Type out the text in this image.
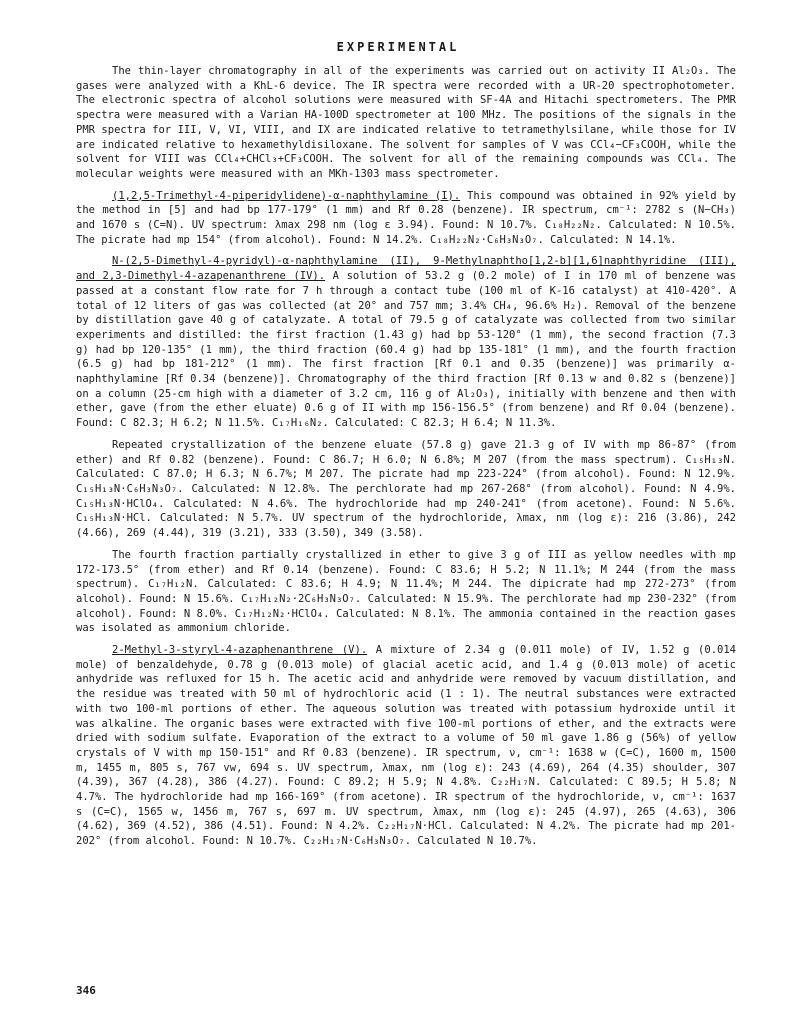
EXPERIMENTAL

The thin-layer chromatography in all of the experiments was carried out on activity II Al₂O₃. The gases were analyzed with a KhL-6 device. The IR spectra were recorded with a UR-20 spectrophotometer. The electronic spectra of alcohol solutions were measured with SF-4A and Hitachi spectrometers. The PMR spectra were measured with a Varian HA-100D spectrometer at 100 MHz. The positions of the signals in the PMR spectra for III, V, VI, VIII, and IX are indicated relative to tetramethylsilane, while those for IV are indicated relative to hexamethyldisiloxane. The solvent for samples of V was CCl₄−CF₃COOH, while the solvent for VIII was CCl₄+CHCl₃+CF₃COOH. The solvent for all of the remaining compounds was CCl₄. The molecular weights were measured with an MKh-1303 mass spectrometer.

(1,2,5-Trimethyl-4-piperidylidene)-α-naphthylamine (I). This compound was obtained in 92% yield by the method in [5] and had bp 177-179° (1 mm) and Rf 0.28 (benzene). IR spectrum, cm⁻¹: 2782 s (N−CH₃) and 1670 s (C=N). UV spectrum: λmax 298 nm (log ε 3.94). Found: N 10.7%. C₁₈H₂₂N₂. Calculated: N 10.5%. The picrate had mp 154° (from alcohol). Found: N 14.2%. C₁₈H₂₂N₂·C₆H₃N₃O₇. Calculated: N 14.1%.

N-(2,5-Dimethyl-4-pyridyl)-α-naphthylamine (II), 9-Methylnaphtho[1,2-b][1,6]naphthyridine (III), and 2,3-Dimethyl-4-azapenanthrene (IV). A solution of 53.2 g (0.2 mole) of I in 170 ml of benzene was passed at a constant flow rate for 7 h through a contact tube (100 ml of K-16 catalyst) at 410-420°. A total of 12 liters of gas was collected (at 20° and 757 mm; 3.4% CH₄, 96.6% H₂). Removal of the benzene by distillation gave 40 g of catalyzate. A total of 79.5 g of catalyzate was collected from two similar experiments and distilled: the first fraction (1.43 g) had bp 53-120° (1 mm), the second fraction (7.3 g) had bp 120-135° (1 mm), the third fraction (60.4 g) had bp 135-181° (1 mm), and the fourth fraction (6.5 g) had bp 181-212° (1 mm). The first fraction [Rf 0.1 and 0.35 (benzene)] was primarily α-naphthylamine [Rf 0.34 (benzene)]. Chromatography of the third fraction [Rf 0.13 w and 0.82 s (benzene)] on a column (25-cm high with a diameter of 3.2 cm, 116 g of Al₂O₃), initially with benzene and then with ether, gave (from the ether eluate) 0.6 g of II with mp 156-156.5° (from benzene) and Rf 0.04 (benzene). Found: C 82.3; H 6.2; N 11.5%. C₁₇H₁₆N₂. Calculated: C 82.3; H 6.4; N 11.3%.

Repeated crystallization of the benzene eluate (57.8 g) gave 21.3 g of IV with mp 86-87° (from ether) and Rf 0.82 (benzene). Found: C 86.7; H 6.0; N 6.8%; M 207 (from the mass spectrum). C₁₅H₁₃N. Calculated: C 87.0; H 6.3; N 6.7%; M 207. The picrate had mp 223-224° (from alcohol). Found: N 12.9%. C₁₅H₁₃N·C₆H₃N₃O₇. Calculated: N 12.8%. The perchlorate had mp 267-268° (from alcohol). Found: N 4.9%. C₁₅H₁₃N·HClO₄. Calculated: N 4.6%. The hydrochloride had mp 240-241° (from acetone). Found: N 5.6%. C₁₅H₁₃N·HCl. Calculated: N 5.7%. UV spectrum of the hydrochloride, λmax, nm (log ε): 216 (3.86), 242 (4.66), 269 (4.44), 319 (3.21), 333 (3.50), 349 (3.58).

The fourth fraction partially crystallized in ether to give 3 g of III as yellow needles with mp 172-173.5° (from ether) and Rf 0.14 (benzene). Found: C 83.6; H 5.2; N 11.1%; M 244 (from the mass spectrum). C₁₇H₁₂N. Calculated: C 83.6; H 4.9; N 11.4%; M 244. The dipicrate had mp 272-273° (from alcohol). Found: N 15.6%. C₁₇H₁₂N₂·2C₆H₃N₃O₇. Calculated: N 15.9%. The perchlorate had mp 230-232° (from alcohol). Found: N 8.0%. C₁₇H₁₂N₂·HClO₄. Calculated: N 8.1%. The ammonia contained in the reaction gases was isolated as ammonium chloride.

2-Methyl-3-styryl-4-azaphenanthrene (V). A mixture of 2.34 g (0.011 mole) of IV, 1.52 g (0.014 mole) of benzaldehyde, 0.78 g (0.013 mole) of glacial acetic acid, and 1.4 g (0.013 mole) of acetic anhydride was refluxed for 15 h. The acetic acid and anhydride were removed by vacuum distillation, and the residue was treated with 50 ml of hydrochloric acid (1 : 1). The neutral substances were extracted with two 100-ml portions of ether. The aqueous solution was treated with potassium hydroxide until it was alkaline. The organic bases were extracted with five 100-ml portions of ether, and the extracts were dried with sodium sulfate. Evaporation of the extract to a volume of 50 ml gave 1.86 g (56%) of yellow crystals of V with mp 150-151° and Rf 0.83 (benzene). IR spectrum, ν, cm⁻¹: 1638 w (C=C), 1600 m, 1500 m, 1455 m, 805 s, 767 vw, 694 s. UV spectrum, λmax, nm (log ε): 243 (4.69), 264 (4.35) shoulder, 307 (4.39), 367 (4.28), 386 (4.27). Found: C 89.2; H 5.9; N 4.8%. C₂₂H₁₇N. Calculated: C 89.5; H 5.8; N 4.7%. The hydrochloride had mp 166-169° (from acetone). IR spectrum of the hydrochloride, ν, cm⁻¹: 1637 s (C=C), 1565 w, 1456 m, 767 s, 697 m. UV spectrum, λmax, nm (log ε): 245 (4.97), 265 (4.63), 306 (4.62), 369 (4.52), 386 (4.51). Found: N 4.2%. C₂₂H₁₇N·HCl. Calculated: N 4.2%. The picrate had mp 201-202° (from alcohol. Found: N 10.7%. C₂₂H₁₇N·C₆H₃N₃O₇. Calculated N 10.7%.

346
